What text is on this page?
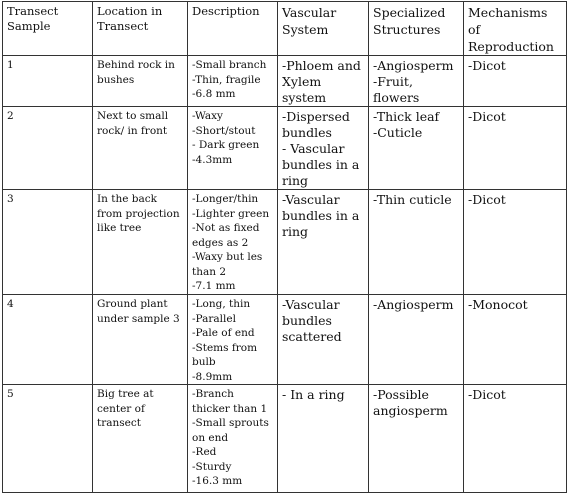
Transect Sample	Location in Transect	Description	Vascular System	Specialized Structures	Mechanisms of Reproduction
1	Behind rock in bushes	-Small branch
-Thin, fragile
-6.8 mm	-Phloem and Xylem system	-Angiosperm
-Fruit, flowers	-Dicot
2	Next to small rock/ in front	-Waxy
-Short/stout
- Dark green
-4.3mm	-Dispersed bundles
- Vascular bundles in a ring	-Thick leaf
-Cuticle	-Dicot
3	In the back from projection like tree	-Longer/thin
-Lighter green
-Not as fixed edges as 2
-Waxy but les than 2
-7.1 mm	-Vascular bundles in a ring	-Thin cuticle	-Dicot
4	Ground plant under sample 3	-Long, thin
-Parallel
-Pale of end
-Stems from bulb
-8.9mm	-Vascular bundles scattered	-Angiosperm	-Monocot
5	Big tree at center of transect	-Branch thicker than 1
-Small sprouts on end
-Red
-Sturdy
-16.3 mm	- In a ring	-Possible angiosperm	-Dicot
